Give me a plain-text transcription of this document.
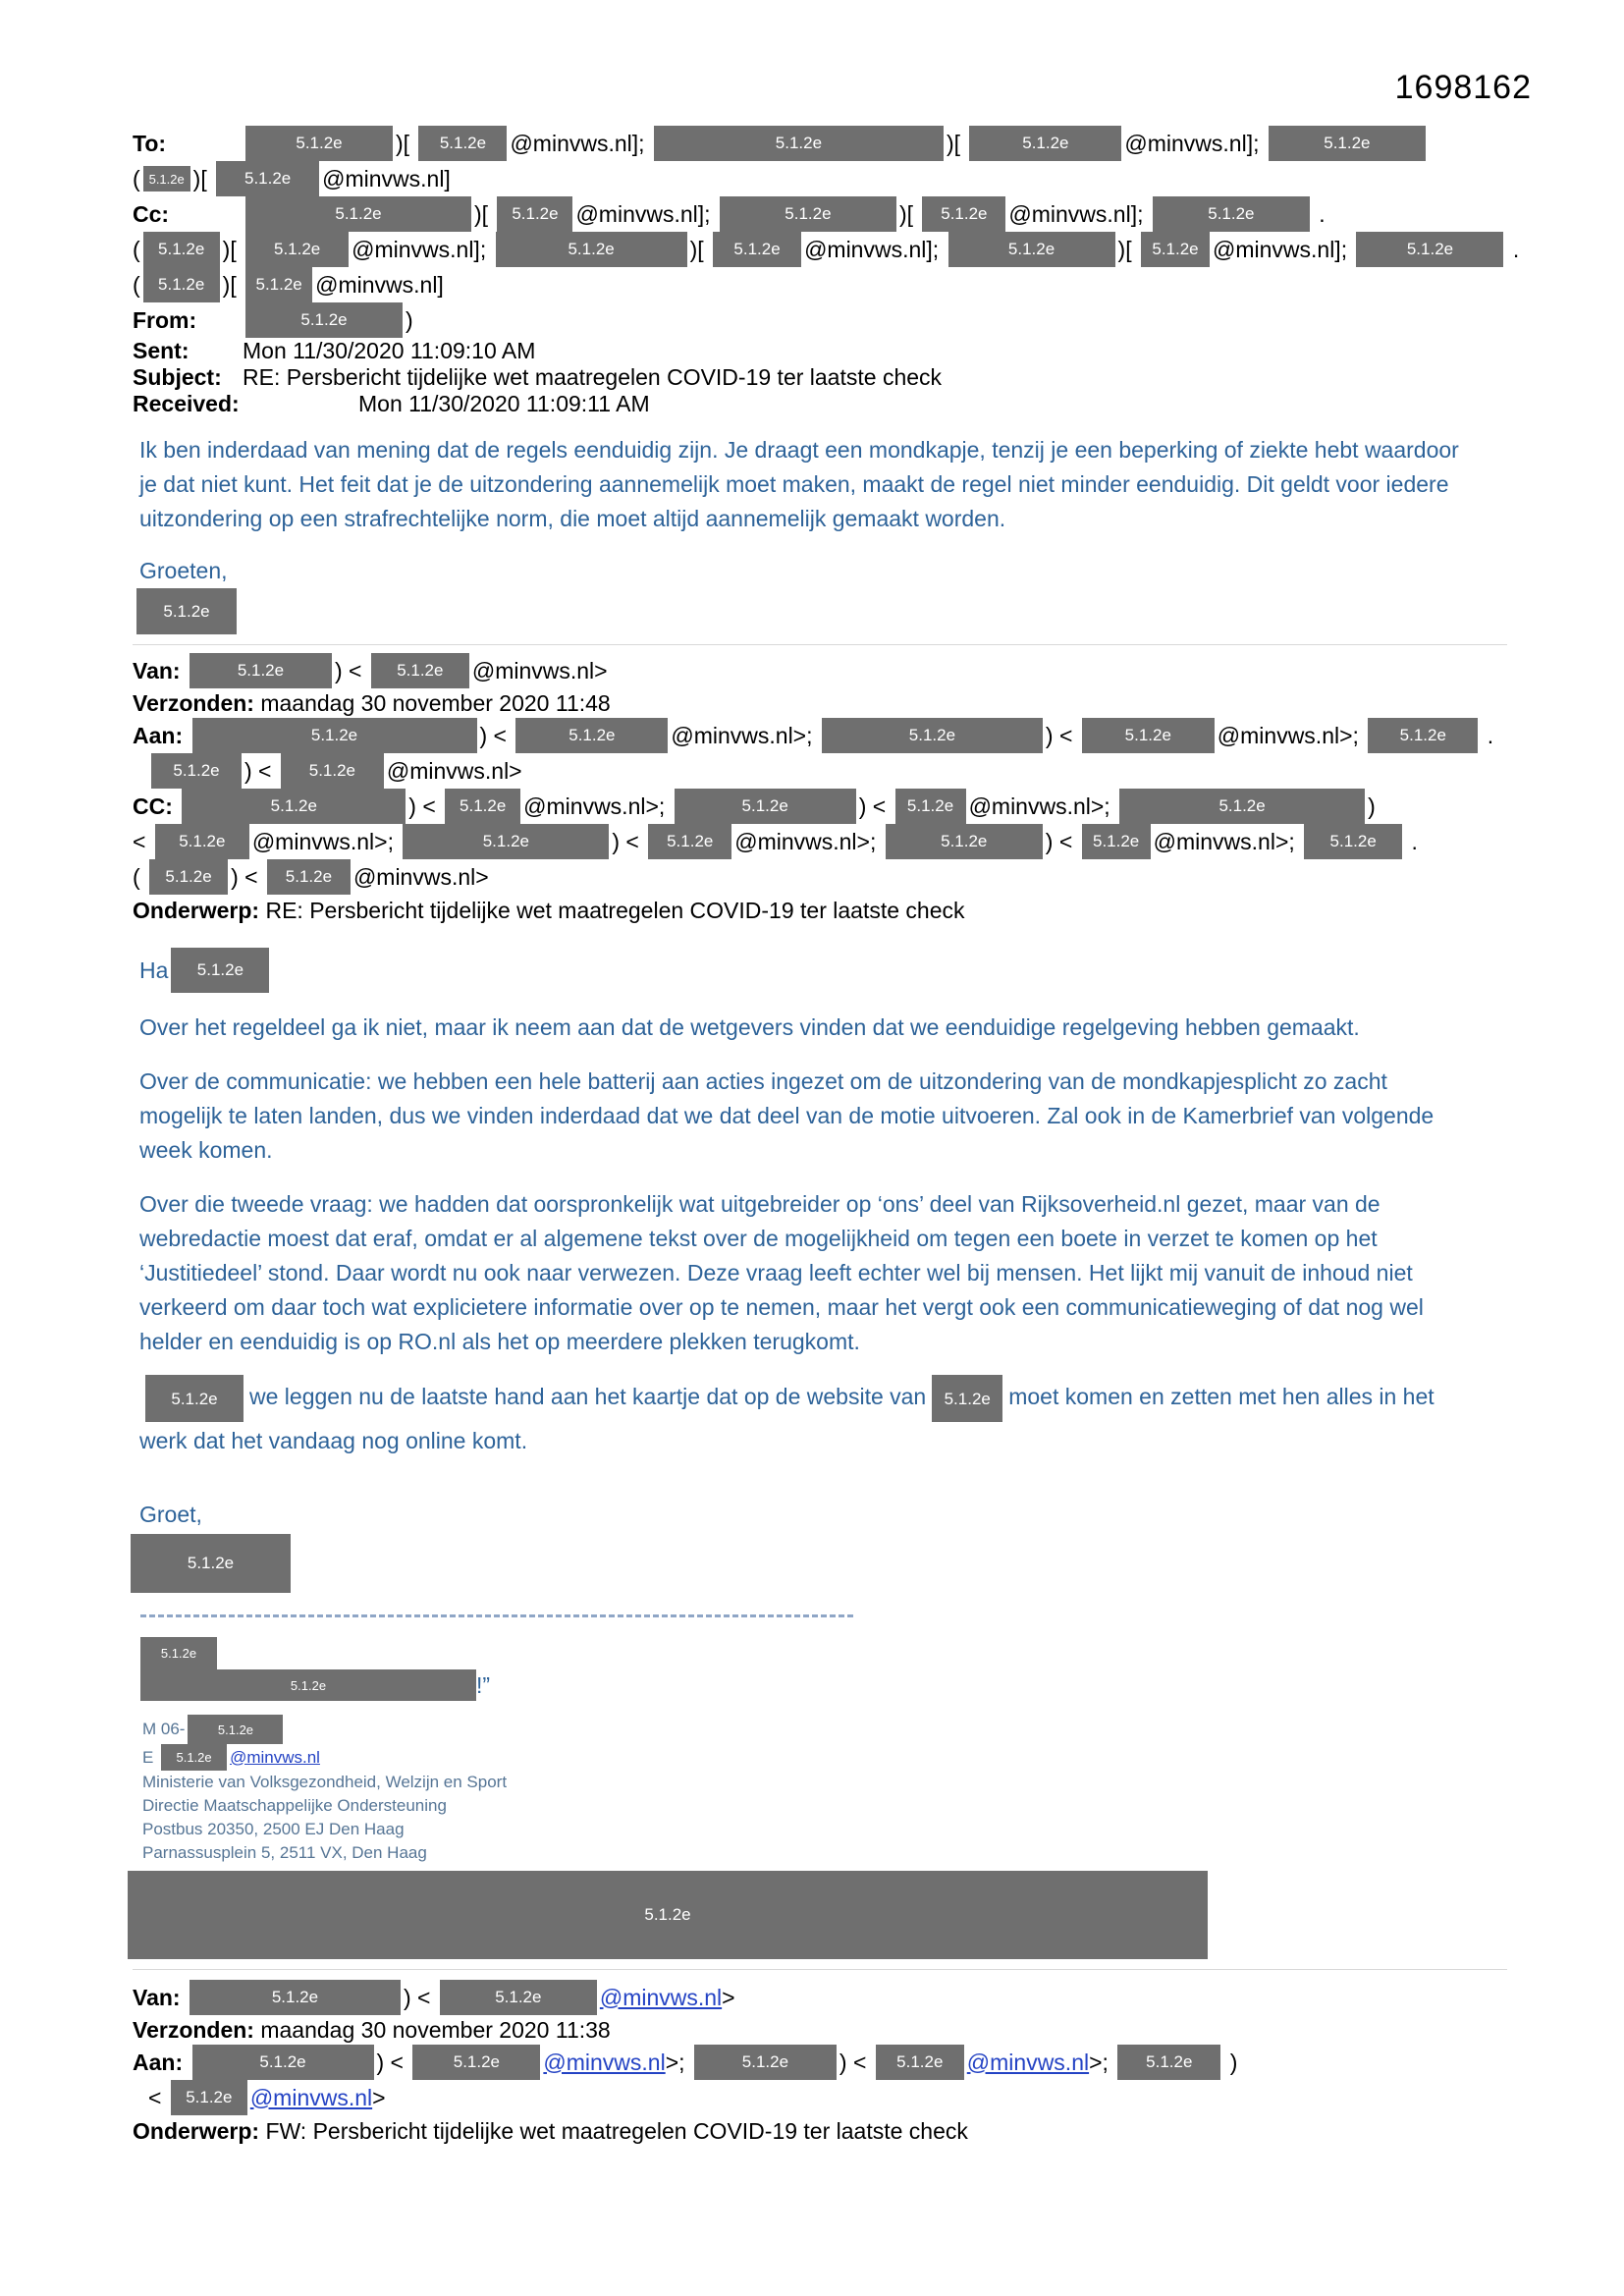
1698162
To:	5.1.2e	)[	5.1.2e	@minvws.nl];	5.1.2e	)[	5.1.2e	@minvws.nl];	5.1.2e
( 5.1.2e )[	5.1.2e	@minvws.nl]
Cc:	5.1.2e	)[	5.1.2e @minvws.nl];	5.1.2e	)[	5.1.2e @minvws.nl];	5.1.2e	.
(	5.1.2e )[	5.1.2e	@minvws.nl];	5.1.2e	)[	5.1.2e	@minvws.nl];	5.1.2e	)[ 5.1.2e @minvws.nl];	5.1.2e	.
(	5.1.2e )[ 5.1.2e @minvws.nl]
From:	5.1.2e	)
Sent:	Mon 11/30/2020 11:09:10 AM
Subject: RE: Persbericht tijdelijke wet maatregelen COVID-19 ter laatste check
Received:	Mon 11/30/2020 11:09:11 AM

Ik ben inderdaad van mening dat de regels eenduidig zijn. Je draagt een mondkapje, tenzij je een beperking of ziekte hebt waardoor je dat niet kunt. Het feit dat je de uitzondering aannemelijk moet maken, maakt de regel niet minder eenduidig. Dit geldt voor iedere uitzondering op een strafrechtelijke norm, die moet altijd aannemelijk gemaakt worden.

Groeten,
5.1.2e
Van:	5.1.2e	) <	5.1.2e	@minvws.nl>
Verzonden: maandag 30 november 2020 11:48
Aan:	5.1.2e	) <	5.1.2e	@minvws.nl>;	5.1.2e	) <	5.1.2e	@minvws.nl>;	5.1.2e	.
5.1.2e	) <	5.1.2e	@minvws.nl>
CC:	5.1.2e	) <	5.1.2e @minvws.nl>;	5.1.2e	) < 5.1.2e @minvws.nl>;	5.1.2e	)
<	5.1.2e	@minvws.nl>;	5.1.2e	) <	5.1.2e @minvws.nl>;	5.1.2e	) < 5.1.2e @minvws.nl>;	5.1.2e	.
(	5.1.2e ) <	5.1.2e @minvws.nl>
Onderwerp: RE: Persbericht tijdelijke wet maatregelen COVID-19 ter laatste check
Ha	5.1.2e

Over het regeldeel ga ik niet, maar ik neem aan dat de wetgevers vinden dat we eenduidige regelgeving hebben gemaakt.

Over de communicatie: we hebben een hele batterij aan acties ingezet om de uitzondering van de mondkapjesplicht zo zacht mogelijk te laten landen, dus we vinden inderdaad dat we dat deel van de motie uitvoeren. Zal ook in de Kamerbrief van volgende week komen.

Over die tweede vraag: we hadden dat oorspronkelijk wat uitgebreider op ‘ons’ deel van Rijksoverheid.nl gezet, maar van de webredactie moest dat eraf, omdat er al algemene tekst over de mogelijkheid om tegen een boete in verzet te komen op het ‘Justitiedeel’ stond. Daar wordt nu ook naar verwezen. Deze vraag leeft echter wel bij mensen. Het lijkt mij vanuit de inhoud niet verkeerd om daar toch wat explicietere informatie over op te nemen, maar het vergt ook een communicatieweging of dat nog wel helder en eenduidig is op RO.nl als het op meerdere plekken terugkomt.

5.1.2e we leggen nu de laatste hand aan het kaartje dat op de website van 5.1.2e moet komen en zetten met hen alles in het werk dat het vandaag nog online komt.
Groet,
5.1.2e
5.1.2e
5.1.2e	!”
M 06-	5.1.2e
E	5.1.2e	@minvws.nl
Ministerie van Volksgezondheid, Welzijn en Sport
Directie Maatschappelijke Ondersteuning
Postbus 20350, 2500 EJ Den Haag
Parnassusplein 5, 2511 VX, Den Haag
5.1.2e
Van:	5.1.2e	) <	5.1.2e	@minvws.nl >
Verzonden: maandag 30 november 2020 11:38
Aan:	5.1.2e	) <	5.1.2e	@minvws.nl >;	5.1.2e	) <	5.1.2e	@minvws.nl >;	5.1.2e	)
<	5.1.2e @minvws.nl >
Onderwerp: FW: Persbericht tijdelijke wet maatregelen COVID-19 ter laatste check
